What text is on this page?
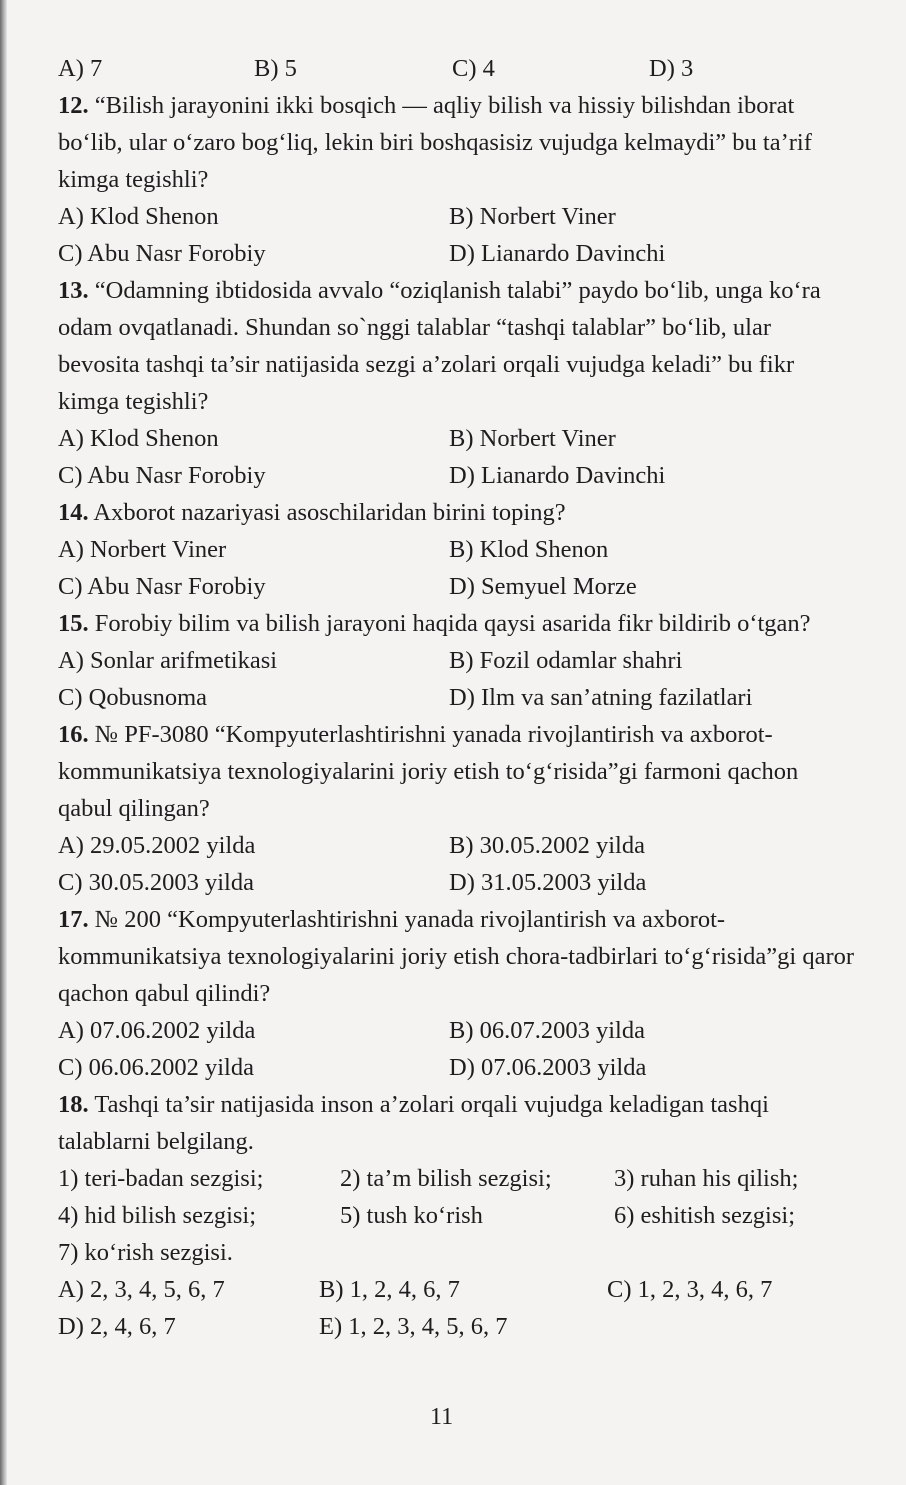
A) 7	B) 5	C) 4	D) 3
12. “Bilish jarayonini ikki bosqich — aqliy bilish va hissiy bilishdan iborat bo‘lib, ular o‘zaro bog‘liq, lekin biri boshqasisiz vujudga kelmaydi” bu ta’rif kimga tegishli?
A) Klod Shenon	B) Norbert Viner
C) Abu Nasr Forobiy	D) Lianardo Davinchi
13. “Odamning ibtidosida avvalo “oziqlanish talabi” paydo bo‘lib, unga ko‘ra odam ovqatlanadi. Shundan so`nggi talablar “tashqi talablar” bo‘lib, ular bevosita tashqi ta’sir natijasida sezgi a’zolari orqali vujudga keladi” bu fikr kimga tegishli?
A) Klod Shenon	B) Norbert Viner
C) Abu Nasr Forobiy	D) Lianardo Davinchi
14. Axborot nazariyasi asoschilaridan birini toping?
A) Norbert Viner	B) Klod Shenon
C) Abu Nasr Forobiy	D) Semyuel Morze
15. Forobiy bilim va bilish jarayoni haqida qaysi asarida fikr bildirib o‘tgan?
A) Sonlar arifmetikasi	B) Fozil odamlar shahri
C) Qobusnoma	D) Ilm va san’atning fazilatlari
16. № PF-3080 “Kompyuterlashtirishni yanada rivojlantirish va axborot- kommunikatsiya texnologiyalarini joriy etish to‘g‘risida”gi farmoni qachon qabul qilingan?
A) 29.05.2002 yilda	B) 30.05.2002 yilda
C) 30.05.2003 yilda	D) 31.05.2003 yilda
17. № 200 “Kompyuterlashtirishni yanada rivojlantirish va axborot-kommunikatsiya texnologiyalarini joriy etish chora-tadbirlari to‘g‘risida”gi qaror qachon qabul qilindi?
A) 07.06.2002 yilda	B) 06.07.2003 yilda
C) 06.06.2002 yilda	D) 07.06.2003 yilda
18. Tashqi ta’sir natijasida inson a’zolari orqali vujudga keladigan tashqi talablarni belgilang.
1) teri-badan sezgisi;	2) ta’m bilish sezgisi;	3) ruhan his qilish;
4) hid bilish sezgisi;	5) tush ko‘rish	6) eshitish sezgisi;
7) ko‘rish sezgisi.
A) 2, 3, 4, 5, 6, 7	B) 1, 2, 4, 6, 7	C) 1, 2, 3, 4, 6, 7
D) 2, 4, 6, 7	E) 1, 2, 3, 4, 5, 6, 7
11
